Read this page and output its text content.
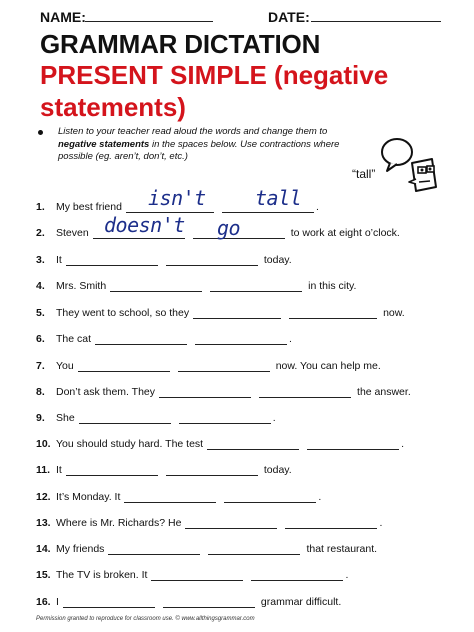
NAME:	DATE:
GRAMMAR DICTATION
PRESENT SIMPLE (negative
statements)
Listen to your teacher read aloud the words and change them to negative statements in the spaces below. Use contractions where possible (eg. aren’t, don’t, etc.)
“tall”
1.	My best friend	.
2.	Steven	to work at eight o’clock.
3.	It	today.
4.	Mrs. Smith	in this city.
5.	They went to school, so they	now.
6.	The cat	.
7.	You	now. You can help me.
8.	Don’t ask them. They	the answer.
9.	She	.
10. You should study hard. The test	.
11. It	today.
12. It’s Monday. It	.
13. Where is Mr. Richards? He	.
14. My friends	that restaurant.
15. The TV is broken. It	.
16. I	grammar difficult.
isn't tall
doesn't go
Permission granted to reproduce for classroom use. © www.allthingsgrammar.com
